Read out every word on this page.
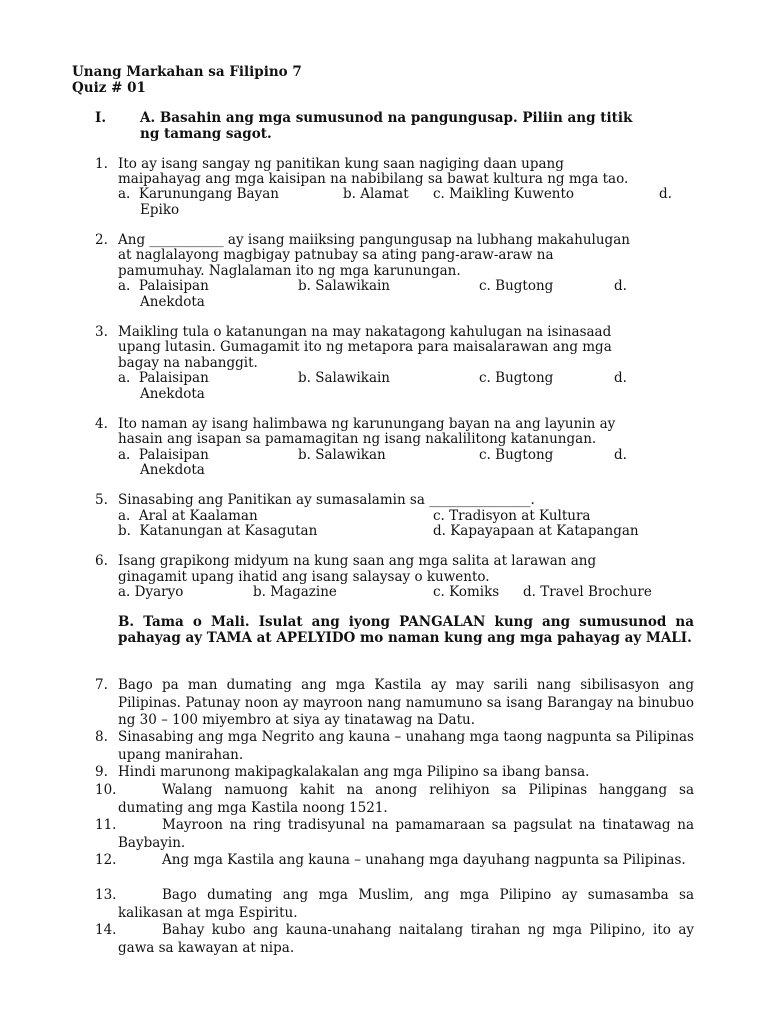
Unang Markahan sa Filipino 7
Quiz # 01
I.	A. Basahin ang mga sumusunod na pangungusap. Piliin ang titik
ng tamang sagot.
1. Ito ay isang sangay ng panitikan kung saan nagiging daan upang
maipahayag ang mga kaisipan na nabibilang sa bawat kultura ng mga tao.
a.  Karunungang Bayan	b. Alamat c. Maikling Kuwento	d.
Epiko
2. Ang ___________ ay isang maiiksing pangungusap na lubhang makahulugan
at naglalayong magbigay patnubay sa ating pang-araw-araw na
pamumuhay. Naglalaman ito ng mga karunungan.
a.  Palaisipan	b. Salawikain	c. Bugtong	d.
Anekdota
3. Maikling tula o katanungan na may nakatagong kahulugan na isinasaad
upang lutasin. Gumagamit ito ng metapora para maisalarawan ang mga
bagay na nabanggit.
a.  Palaisipan	b. Salawikain	c. Bugtong	d.
Anekdota
4. Ito naman ay isang halimbawa ng karunungang bayan na ang layunin ay
hasain ang isapan sa pamamagitan ng isang nakalilitong katanungan.
a.  Palaisipan	b. Salawikan	c. Bugtong	d.
Anekdota
5. Sinasabing ang Panitikan ay sumasalamin sa _______________.
a.  Aral at Kaalaman	c. Tradisyon at Kultura
b.  Katanungan at Kasagutan	d. Kapayapaan at Katapangan
6. Isang grapikong midyum na kung saan ang mga salita at larawan ang
ginagamit upang ihatid ang isang salaysay o kuwento.
a. Dyaryo	b. Magazine	c. Komiks d. Travel Brochure
B. Tama o Mali. Isulat ang iyong PANGALAN kung ang sumusunod na pahayag ay TAMA at APELYIDO mo naman kung ang mga pahayag ay MALI.
7. Bago pa man dumating ang mga Kastila ay may sarili nang sibilisasyon ang Pilipinas. Patunay noon ay mayroon nang namumuno sa isang Barangay na binubuo ng 30 – 100 miyembro at siya ay tinatawag na Datu.
8. Sinasabing ang mga Negrito ang kauna – unahang mga taong nagpunta sa Pilipinas upang manirahan.
9. Hindi marunong makipagkalakalan ang mga Pilipino sa ibang bansa.
10.	Walang namuong kahit na anong relihiyon sa Pilipinas hanggang sa dumating ang mga Kastila noong 1521.
11.	Mayroon na ring tradisyunal na pamamaraan sa pagsulat na tinatawag na Baybayin.
12.	Ang mga Kastila ang kauna – unahang mga dayuhang nagpunta sa Pilipinas.
13.	Bago dumating ang mga Muslim, ang mga Pilipino ay sumasamba sa kalikasan at mga Espiritu.
14.	Bahay kubo ang kauna-unahang naitalang tirahan ng mga Pilipino, ito ay gawa sa kawayan at nipa.
